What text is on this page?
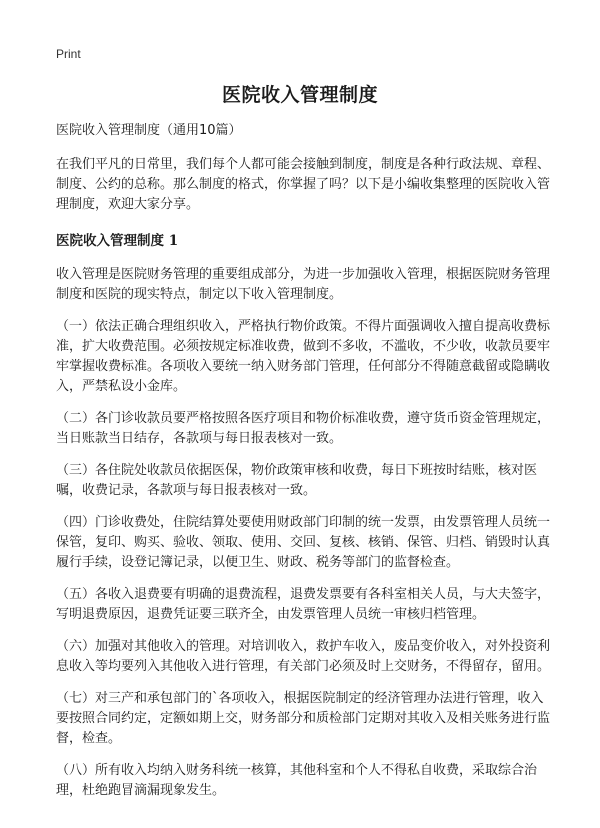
Print
医院收入管理制度

医院收入管理制度（通用10篇）

在我们平凡的日常里，我们每个人都可能会接触到制度，制度是各种行政法规、章程、制度、公约的总称。那么制度的格式，你掌握了吗？以下是小编收集整理的医院收入管理制度，欢迎大家分享。

医院收入管理制度 1

收入管理是医院财务管理的重要组成部分，为进一步加强收入管理，根据医院财务管理制度和医院的现实特点，制定以下收入管理制度。

（一）依法正确合理组织收入，严格执行物价政策。不得片面强调收入擅自提高收费标准，扩大收费范围。必须按规定标准收费，做到不多收，不滥收，不少收，收款员要牢牢掌握收费标准。各项收入要统一纳入财务部门管理，任何部分不得随意截留或隐瞒收入，严禁私设小金库。

（二）各门诊收款员要严格按照各医疗项目和物价标准收费，遵守货币资金管理规定，当日账款当日结存，各款项与每日报表核对一致。

（三）各住院处收款员依据医保，物价政策审核和收费，每日下班按时结账，核对医嘱，收费记录，各款项与每日报表核对一致。

（四）门诊收费处，住院结算处要使用财政部门印制的统一发票，由发票管理人员统一保管，复印、购买、验收、领取、使用、交回、复核、核销、保管、归档、销毁时认真履行手续，设登记簿记录，以便卫生、财政、税务等部门的监督检查。

（五）各收入退费要有明确的退费流程，退费发票要有各科室相关人员，与大夫签字，写明退费原因，退费凭证要三联齐全，由发票管理人员统一审核归档管理。

（六）加强对其他收入的管理。对培训收入，救护车收入，废品变价收入，对外投资利息收入等均要列入其他收入进行管理，有关部门必须及时上交财务，不得留存，留用。

（七）对三产和承包部门的`各项收入，根据医院制定的经济管理办法进行管理，收入要按照合同约定，定额如期上交，财务部分和质检部门定期对其收入及相关账务进行监督，检查。

（八）所有收入均纳入财务科统一核算，其他科室和个人不得私自收费，采取综合治理，杜绝跑冒滴漏现象发生。
